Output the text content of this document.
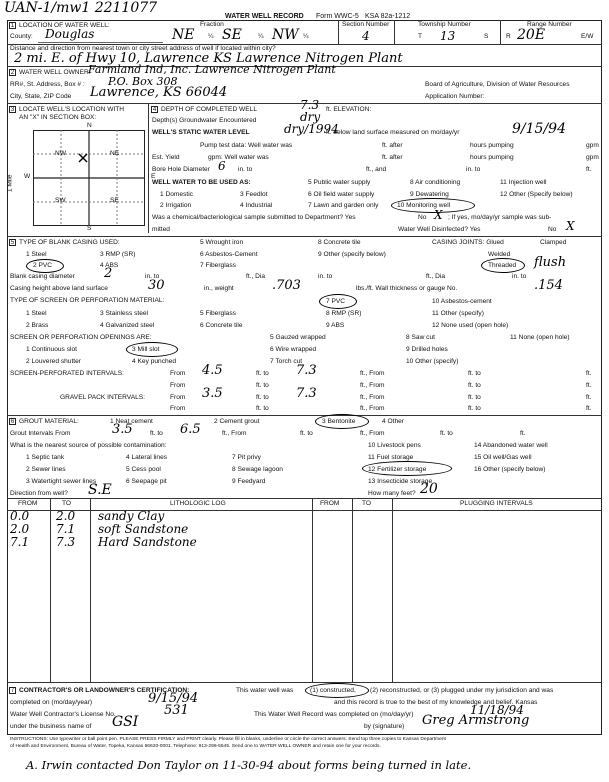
UAN-1/mw1 2211077
WATER WELL RECORD Form WWC-5 KSA 82a-1212
1 LOCATION OF WATER WELL:
County: Douglas
Fraction
NE ¼ SE ¼ NW ¼
Section Number
4
Township Number
T 13	S
Range Number
R 20E	E/W
Distance and direction from nearest town or city street address of well if located within city?
2 mi. E. of Hwy 10, Lawrence KS Lawrence Nitrogen Plant
2 WATER WELL OWNER:
Farmland Ind, Inc. Lawrence Nitrogen Plant
RR#, St. Address, Box # : P.O. Box 308	Board of Agriculture, Division of Water Resources
City, State, ZIP Code Lawrence, KS 66044	Application Number:
3 LOCATE WELL'S LOCATION WITH
AN "X" IN SECTION BOX:
N
S
W	E
1 Mile
NW	NE
SW	SE
4 DEPTH OF COMPLETED WELL	7.3 ft. ELEVATION:
Depth(s) Groundwater Encountered	dry
WELL'S STATIC WATER LEVEL	dry/1994
ft. below land surface measured on mo/day/yr	9/15/94
Pump test data: Well water was	ft. after	hours pumping	gpm
Est. Yield	gpm: Well water was	ft. after	hours pumping	gpm
Bore Hole Diameter 6 in. to	ft., and	in. to	ft.
WELL WATER TO BE USED AS:
1 Domestic	3 Feedlot
5 Public water supply	8 Air conditioning	11 Injection well
2 Irrigation	4 Industrial	7 Lawn and garden only	10 Monitoring well
12 Other (Specify below)
6 Oil field water supply	9 Dewatering
Was a chemical/bacteriological sample submitted to Department? Yes	No X ; If yes, mo/day/yr sample was sub-
mitted	Water Well Disinfected? Yes	No X
5 TYPE OF BLANK CASING USED:
1 Steel
2 PVC
3 RMP (SR)
4 ABS
5 Wrought iron
6 Asbestos-Cement
7 Fiberglass
8 Concrete tile
9 Other (specify below)
CASING JOINTS: Glued	Clamped
Welded
Threaded flush
Blank casing diameter 2	in. to	ft., Dia	in. to	ft., Dia	in. to
Casing height above land surface	30	in., weight	.703	lbs./ft. Wall thickness or gauge No.	.154
TYPE OF SCREEN OR PERFORATION MATERIAL:
1 Steel
2 Brass
3 Stainless steel
4 Galvanized steel
5 Fiberglass
6 Concrete tile
7 PVC
8 RMP (SR)
9 ABS
10 Asbestos-cement
11 Other (specify)
12 None used (open hole)
SCREEN OR PERFORATION OPENINGS ARE:
1 Continuous slot
2 Louvered shutter
3 Mill slot
4 Key punched
5 Gauzed wrapped
6 Wire wrapped
7 Torch cut
8 Saw cut
9 Drilled holes
10 Other (specify)
11 None (open hole)
SCREEN-PERFORATED INTERVALS:	From 4.5	ft. to 7.3	ft., From	ft. to	ft.
From	ft. to	ft., From	ft. to	ft.
GRAVEL PACK INTERVALS:	From 3.5	ft. to 7.3	ft., From	ft. to	ft.
From	ft. to	ft., From	ft. to	ft.
6 GROUT MATERIAL:	1 Neat cement	2 Cement grout	3 Bentonite	4 Other
Grout Intervals From	3.5	ft. to 6.5	ft., From	ft. to	ft., From	ft. to	ft.
What is the nearest source of possible contamination:
1 Septic tank
2 Sewer lines
3 Watertight sewer lines
4 Lateral lines
5 Cess pool
6 Seepage pit
7 Pit privy
8 Sewage lagoon
9 Feedyard
10 Livestock pens
11 Fuel storage
12 Fertilizer storage
13 Insecticide storage
14 Abandoned water well
15 Oil well/Gas well
16 Other (specify below)
Direction from well? S.E	How many feet? 20
FROM	TO	LITHOLOGIC LOG	FROM	TO	PLUGGING INTERVALS
0.0 2.0 sandy Clay
2.0 7.1 soft Sandstone
7.1 7.3 Hard Sandstone
7 CONTRACTOR'S OR LANDOWNER'S CERTIFICATION:	This water well was	(1) constructed, (2) reconstructed, or (3) plugged under my jurisdiction and was
completed on (mo/day/year)	9/15/94	and this record is true to the best of my knowledge and belief. Kansas
Water Well Contractor's License No.	531	This Water Well Record was completed on (mo/day/yr)	11/18/94
under the business name of GSI	by (signature) Greg Armstrong
INSTRUCTIONS: Use typewriter or ball point pen. PLEASE PRESS FIRMLY and PRINT clearly. Please fill in blanks, underline or circle the correct answers. Send top three copies to Kansas Department
of Health and Environment, Bureau of Water, Topeka, Kansas 66620-0001. Telephone: 913-296-5545. Send one to WATER WELL OWNER and retain one for your records.
A. Irwin contacted Don Taylor on 11-30-94 about forms being turned in late.
